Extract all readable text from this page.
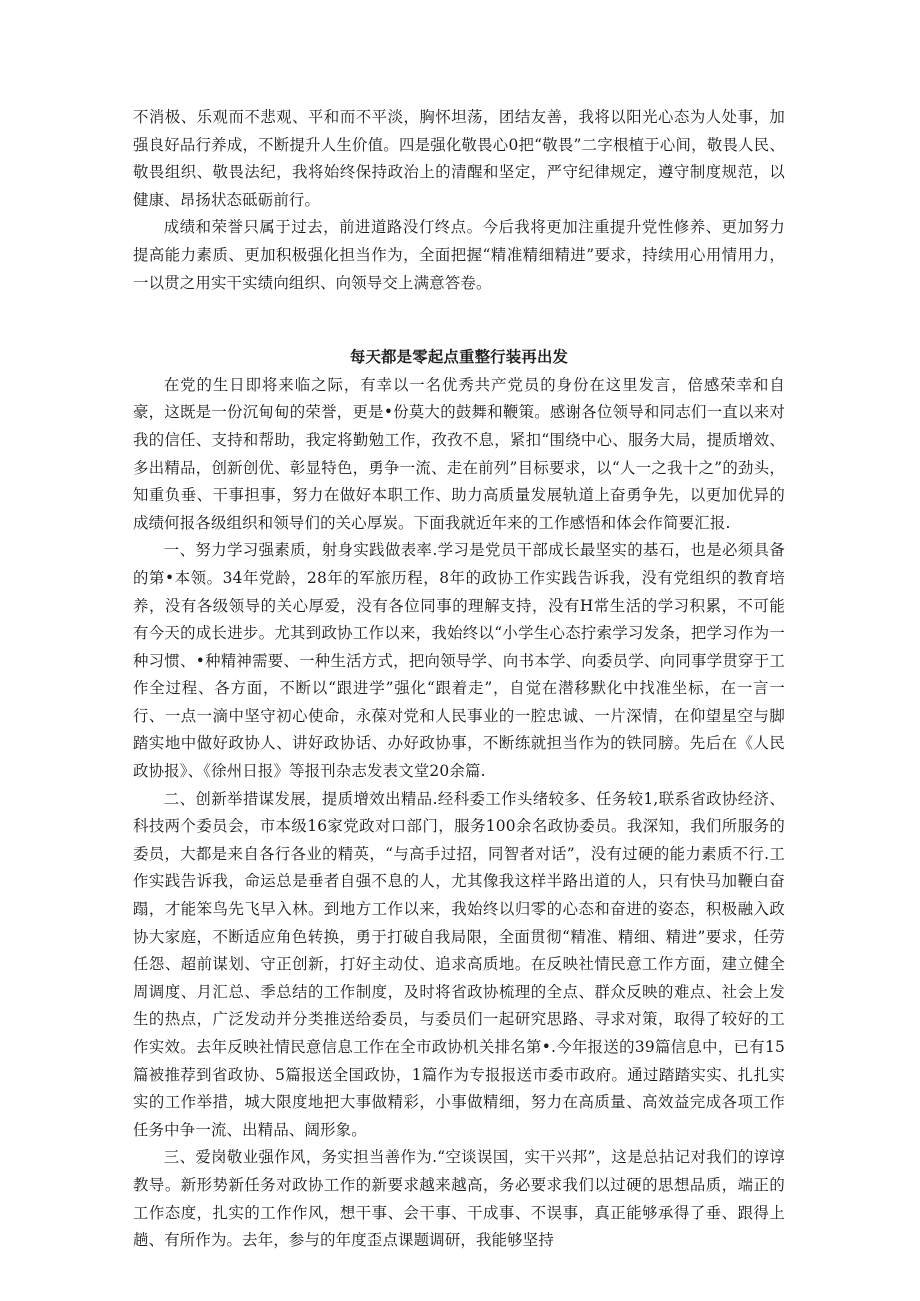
不消极、乐观而不悲观、平和而不平淡，胸怀坦荡，团结友善，我将以阳光心态为人处事，加强良好品行养成，不断提升人生价值。四是强化敬畏心0把“敬畏”二字根植于心间，敬畏人民、敬畏组织、敬畏法纪，我将始终保持政治上的清醒和坚定，严守纪律规定，遵守制度规范，以健康、昂扬状态砥砺前行。

成绩和荣誉只属于过去，前进道路没仃终点。今后我将更加注重提升党性修养、更加努力提高能力素质、更加积极强化担当作为，全面把握“精准精细精进”要求，持续用心用情用力，一以贯之用实干实绩向组织、向领导交上满意答卷。

每天都是零起点重整行装再出发

在党的生日即将来临之际，有幸以一名优秀共产党员的身份在这里发言，倍感荣幸和自豪，这既是一份沉甸甸的荣誉，更是•份莫大的鼓舞和鞭策。感谢各位领导和同志们一直以来对我的信任、支持和帮助，我定将勤勉工作，孜孜不息，紧扣“围绕中心、服务大局，提质增效、多出精品，创新创优、彰显特色，勇争一流、走在前列”目标要求，以“人一之我十之”的劲头，知重负垂、干事担事，努力在做好本职工作、助力高质量发展轨道上奋勇争先，以更加优异的成绩何报各级组织和领导们的关心厚炭。下面我就近年来的工作感悟和体会作简要汇报.

一、努力学习强素质，射身实践做表率.学习是党员干部成长最坚实的基石，也是必须具备的第•本领。34年党龄，28年的军旅历程，8年的政协工作实践告诉我，没有党组织的教育培养，没有各级领导的关心厚爱，没有各位同事的理解支持，没有H常生活的学习积累，不可能有今天的成长进步。尤其到政协工作以来，我始终以“小学生心态拧索学习发条，把学习作为一种习惯、•种精神需要、一种生活方式，把向领导学、向书本学、向委员学、向同事学贯穿于工作全过程、各方面，不断以“跟进学”强化“跟着走”，自觉在潜移默化中找准坐标，在一言一行、一点一滴中坚守初心使命，永葆对党和人民事业的一腔忠诚、一片深情，在仰望星空与脚踏实地中做好政协人、讲好政协话、办好政协事，不断练就担当作为的铁同膀。先后在《人民政协报》、《徐州日报》等报刊杂志发表文堂20余篇.

二、创新举措谋发展，提质增效出精品.经科委工作头绪较多、任务较1,联系省政协经济、科技两个委员会，市本级16家党政对口部门，服务100余名政协委员。我深知，我们所服务的委员，大都是来自各行各业的精英，“与高手过招，同智者对话”，没有过硬的能力素质不行.工作实践告诉我，命运总是垂者自强不息的人，尤其像我这样半路出道的人，只有快马加鞭白奋蹋，才能笨鸟先飞早入林。到地方工作以来，我始终以归零的心态和奋进的姿态，积极融入政协大家庭，不断适应角色转换，勇于打破自我局限，全面贯彻“精准、精细、精进”要求，任劳任怨、超前谋划、守正创新，打好主动仗、追求高质地。在反映社情民意工作方面，建立健全周调度、月汇总、季总结的工作制度，及时将省政协梳理的全点、群众反映的难点、社会上发生的热点，广泛发动并分类推送给委员，与委员们一起研究思路、寻求对策，取得了较好的工作实效。去年反映社情民意信息工作在全市政协机关排名第•.今年报送的39篇信息中，已有15篇被推荐到省政协、5篇报送全国政协，1篇作为专报报送市委市政府。通过踏踏实实、扎扎实实的工作举措，城大限度地把大事做精彩，小事做精细，努力在高质量、高效益完成各项工作任务中争一流、出精品、阔形象。

三、爱岗敬业强作风，务实担当善作为.“空谈误国，实干兴邦”，这是总拈记对我们的谆谆教导。新形势新任务对政协工作的新要求越来越高，务必要求我们以过硬的思想品质，端正的工作态度，扎实的工作作风，想干事、会干事、干成事、不误事，真正能够承得了垂、跟得上趟、有所作为。去年，参与的年度歪点课题调研，我能够坚持
